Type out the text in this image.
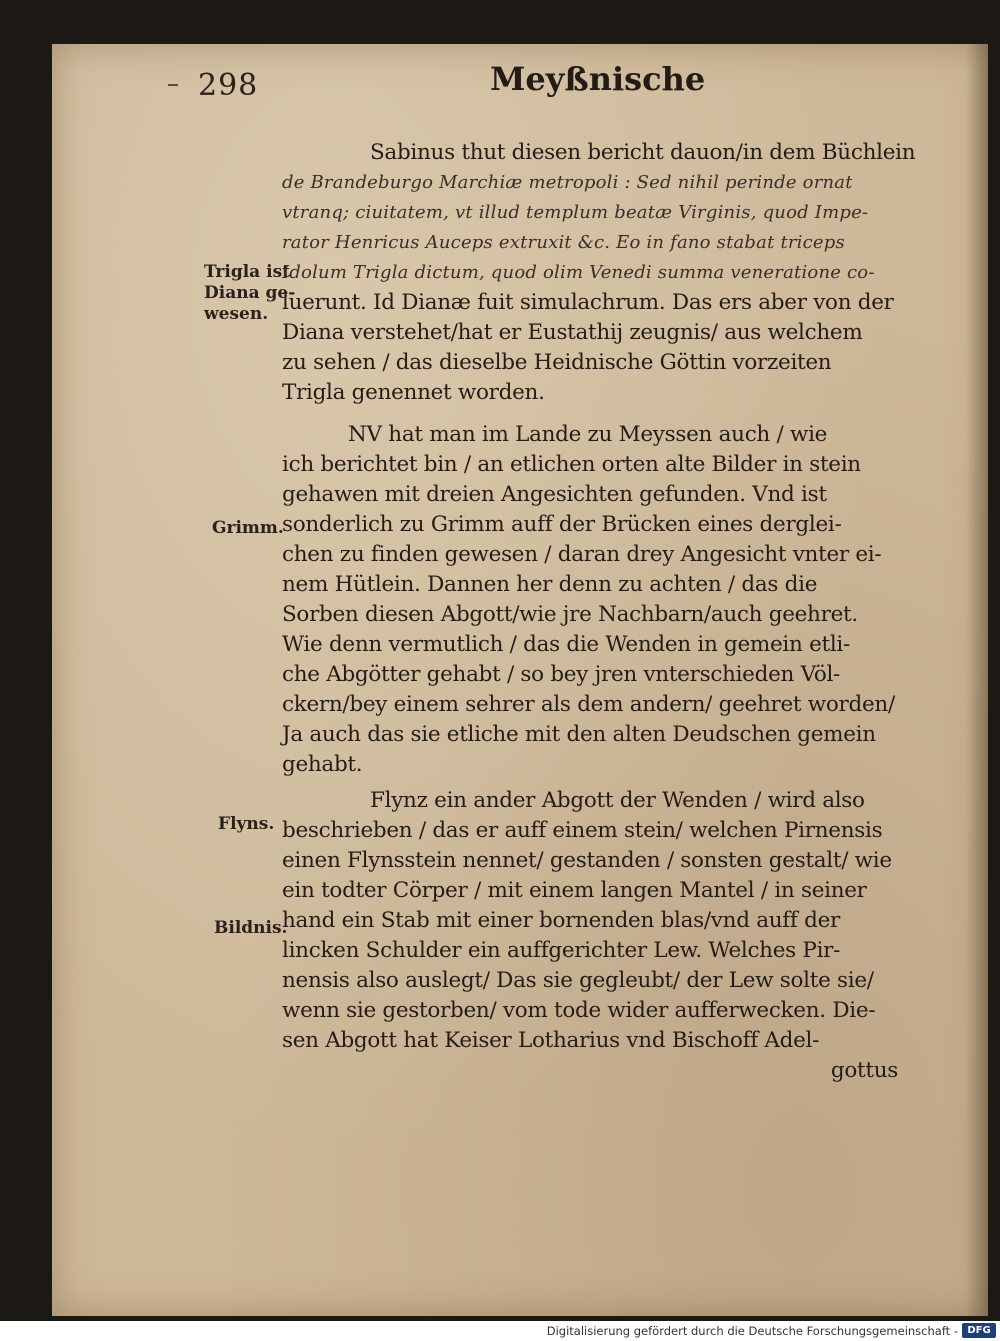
298	Meyßnische
Trigla ist
Diana ge-
wesen.
Grimm.
Flyns.
Bildnis.
Sabinus thut diesen bericht dauon/in dem Büchlein
de Brandeburgo Marchiæ metropoli : Sed nihil perinde ornat
vtranq; ciuitatem, vt illud templum beatæ Virginis, quod Impe-
rator Henricus Auceps extruxit &c. Eo in fano stabat triceps
Idolum Trigla dictum, quod olim Venedi summa veneratione co-
luerunt. Id Dianæ fuit simulachrum. Das ers aber von der
Diana verstehet/hat er Eustathij zeugnis/ aus welchem
zu sehen / das dieselbe Heidnische Göttin vorzeiten
Trigla genennet worden.
NV hat man im Lande zu Meyssen auch / wie
ich berichtet bin / an etlichen orten alte Bilder in stein
gehawen mit dreien Angesichten gefunden. Vnd ist
sonderlich zu Grimm auff der Brücken eines derglei-
chen zu finden gewesen / daran drey Angesicht vnter ei-
nem Hütlein. Dannen her denn zu achten / das die
Sorben diesen Abgott/wie jre Nachbarn/auch geehret.
Wie denn vermutlich / das die Wenden in gemein etli-
che Abgötter gehabt / so bey jren vnterschieden Völ-
ckern/bey einem sehrer als dem andern/ geehret worden/
Ja auch das sie etliche mit den alten Deudschen gemein
gehabt.
Flynz ein ander Abgott der Wenden / wird also
beschrieben / das er auff einem stein/ welchen Pirnensis
einen Flynsstein nennet/ gestanden / sonsten gestalt/ wie
ein todter Cörper / mit einem langen Mantel / in seiner
hand ein Stab mit einer bornenden blas/vnd auff der
lincken Schulder ein auffgerichter Lew. Welches Pir-
nensis also auslegt/ Das sie gegleubt/ der Lew solte sie/
wenn sie gestorben/ vom tode wider aufferwecken. Die-
sen Abgott hat Keiser Lotharius vnd Bischoff Adel-
gottus
Digitalisierung gefördert durch die Deutsche Forschungsgemeinschaft - DFG
